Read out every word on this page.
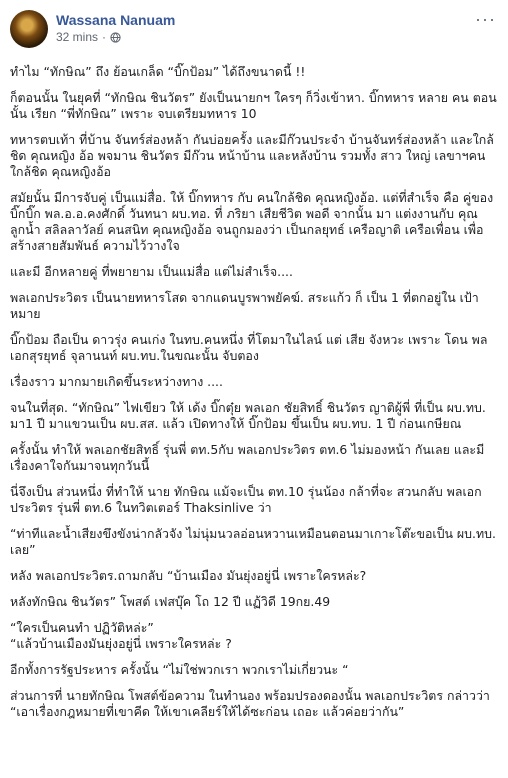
Wassana Nanuam
32 mins ·
···

ทำไม “ทักษิณ” ถึง ย้อนเกล็ด “บิ๊กป้อม” ได้ถึงขนาดนี้ !!

ก็ตอนนั้น ในยุคที่ “ทักษิณ ชินวัตร” ยังเป็นนายกฯ ใครๆ ก็วิ่งเข้าหา. บิ๊กทหาร หลาย คน ตอนนั้น เรียก “พี่ทักษิณ” เพราะ จบเตรียมทหาร 10

ทหารตบเท้า ที่บ้าน จันทร์ส่องหล้า กันบ่อยครั้ง และมีก๊วนประจำ บ้านจันทร์ส่องหล้า และใกล้ชิด คุณหญิง อ้อ พจมาน ชินวัตร มีก๊วน หน้าบ้าน และหลังบ้าน รวมทั้ง สาว ใหญ่ เลขาฯคนใกล้ชิด คุณหญิงอ้อ

สมัยนั้น มีการจับคู่ เป็นแม่สื่อ. ให้ บิ๊กทหาร กับ คนใกล้ชิด คุณหญิงอ้อ. แต่ที่สำเร็จ คือ คู่ของ บิ๊กบิ๊ก พล.อ.อ.คงศักดิ์ วันทนา ผบ.ทอ. ที่ ภริยา เสียชีวิต พอดี จากนั้น มา แต่งงานกับ คุณลูกน้ำ สลิลลาวัลย์ คนสนิท คุณหญิงอ้อ จนถูกมองว่า เป็นกลยุทธ์ เครือญาติ เครือเพื่อน เพื่อสร้างสายสัมพันธ์ ความไว้วางใจ

และมี อีกหลายคู่ ที่พยายาม เป็นแม่สื่อ แต่ไม่สำเร็จ....

พลเอกประวิตร เป็นนายทหารโสด จากแดนบูรพาพยัคฆ์. สระแก้ว ก็ เป็น 1 ที่ตกอยู่ใน เป้าหมาย

บิ๊กป้อม ถือเป็น ดาวรุ่ง คนเก่ง ในทบ.คนหนึ่ง ที่โตมาในไลน์ แต่ เสีย จังหวะ เพราะ โดน พลเอกสุรยุทธ์ จุลานนท์ ผบ.ทบ.ในขณะนั้น จับตอง

เรื่องราว มากมายเกิดขึ้นระหว่างทาง ....

จนในที่สุด. “ทักษิณ” ไฟเขียว ให้ เด้ง บิ๊กตุ๋ย พลเอก ชัยสิทธิ์ ชินวัตร ญาติผู้พี่ ที่เป็น ผบ.ทบ. มา1 ปี มาแขวนเป็น ผบ.สส. แล้ว เปิดทางให้ บิ๊กป้อม ขึ้นเป็น ผบ.ทบ. 1 ปี ก่อนเกษียณ

ครั้งนั้น ทำให้ พลเอกชัยสิทธิ์ รุ่นพี่ ตท.5กับ พลเอกประวิตร ตท.6 ไม่มองหน้า กันเลย และมีเรื่องคาใจกันมาจนทุกวันนี้

นี่จึงเป็น ส่วนหนึ่ง ที่ทำให้ นาย ทักษิณ แม้จะเป็น ตท.10 รุ่นน้อง กล้าที่จะ สวนกลับ พลเอกประวิตร รุ่นพี่ ตท.6 ในทวิตเตอร์ Thaksinlive ว่า

“ท่าทีและน้ำเสียงขึงขังน่ากลัวจัง ไม่นุ่มนวลอ่อนหวานเหมือนตอนมาเกาะโต๊ะขอเป็น ผบ.ทบ. เลย”

หลัง พลเอกประวิตร.ถามกลับ “บ้านเมือง มันยุ่งอยู่นี่ เพราะใครหล่ะ?

หลังทักษิณ ชินวัตร” โพสต์ เฟสบุ๊ค โถ 12 ปี แฏ้วิดี 19กย.49

“ใครเป็นคนทำ ปฏิวัติหล่ะ”
“แล้วบ้านเมืองมันยุ่งอยู่นี่ เพราะใครหล่ะ ?

อีกทั้งการรัฐประหาร ครั้งนั้น “ไม่ใช่พวกเรา พวกเราไม่เกี่ยวนะ “

ส่วนการที่ นายทักษิณ โพสต์ข้อความ ในทำนอง พร้อมปรองดองนั้น พลเอกประวิตร กล่าวว่า “เอาเรื่องกฎหมายที่เขาคีด ให้เขาเคลียร์ให้ได้ซะก่อน เถอะ แล้วค่อยว่ากัน”
